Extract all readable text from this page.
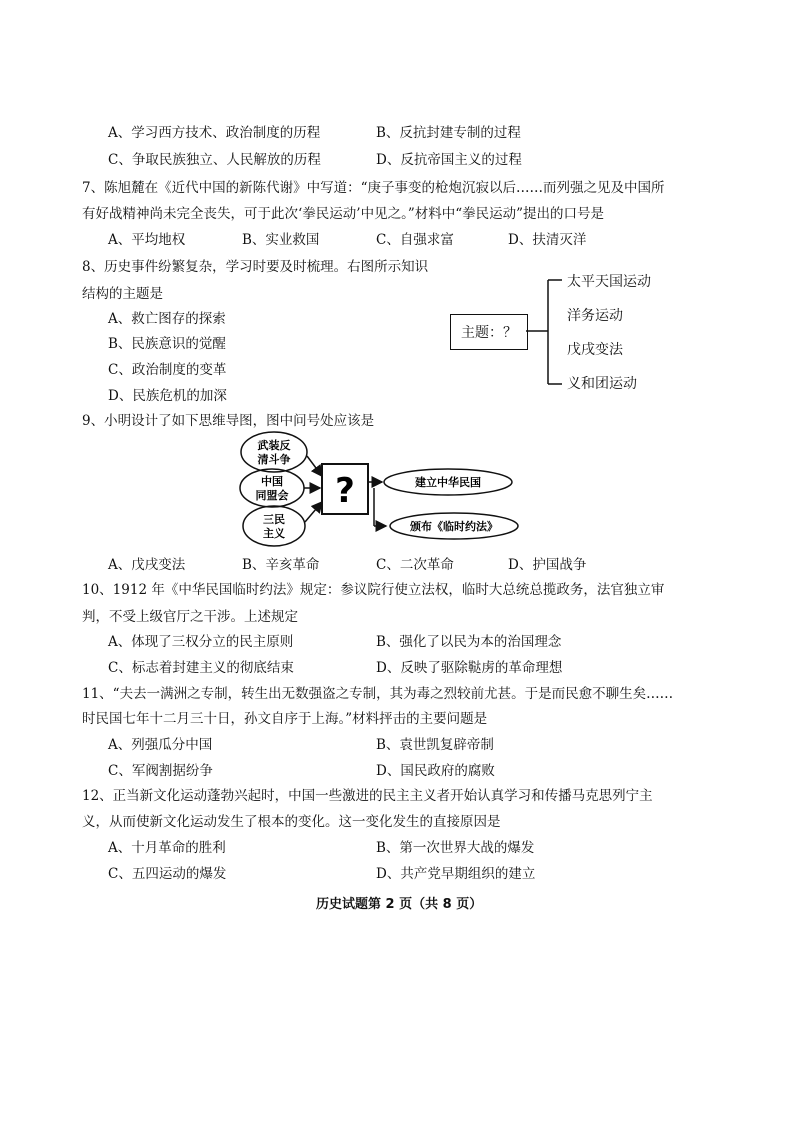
A、学习西方技术、政治制度的历程	B、反抗封建专制的过程
C、争取民族独立、人民解放的历程	D、反抗帝国主义的过程
7、陈旭麓在《近代中国的新陈代谢》中写道：“庚子事变的枪炮沉寂以后……而列强之见及中国所
有好战精神尚未完全丧失，可于此次‘拳民运动’中见之。”材料中“拳民运动”提出的口号是
A、平均地权	B、实业救国	C、自强求富	D、扶清灭洋
8、历史事件纷繁复杂，学习时要及时梳理。右图所示知识
结构的主题是
A、救亡图存的探索
B、民族意识的觉醒
C、政治制度的变革
D、民族危机的加深
主题：？
太平天国运动
洋务运动
戊戌变法
义和团运动
9、小明设计了如下思维导图，图中问号处应该是
武装反
清斗争
中国
同盟会
三民
主义
?	建立中华民国
颁布《临时约法》
A、戊戌变法	B、辛亥革命	C、二次革命	D、护国战争
10、1912 年《中华民国临时约法》规定：参议院行使立法权，临时大总统总揽政务，法官独立审
判，不受上级官厅之干涉。上述规定
A、体现了三权分立的民主原则	B、强化了以民为本的治国理念
C、标志着封建主义的彻底结束	D、反映了驱除鞑虏的革命理想
11、“夫去一满洲之专制，转生出无数强盗之专制，其为毒之烈较前尤甚。于是而民愈不聊生矣……
时民国七年十二月三十日，孙文自序于上海。”材料抨击的主要问题是
A、列强瓜分中国	B、袁世凯复辟帝制
C、军阀割据纷争	D、国民政府的腐败
12、正当新文化运动蓬勃兴起时，中国一些激进的民主主义者开始认真学习和传播马克思列宁主
义，从而使新文化运动发生了根本的变化。这一变化发生的直接原因是
A、十月革命的胜利	B、第一次世界大战的爆发
C、五四运动的爆发	D、共产党早期组织的建立
历史试题第 2 页（共 8 页）
